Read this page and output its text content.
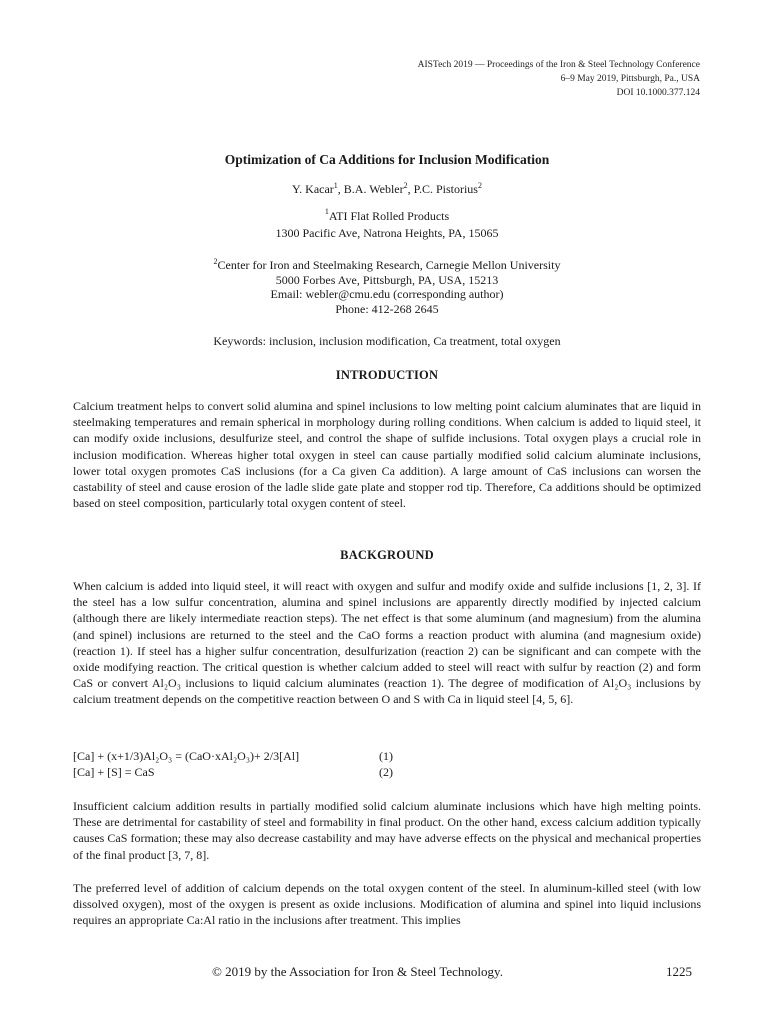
AISTech 2019 — Proceedings of the Iron & Steel Technology Conference
6–9 May 2019, Pittsburgh, Pa., USA
DOI 10.1000.377.124
Optimization of Ca Additions for Inclusion Modification
Y. Kacar$^1$, B.A. Webler$^2$, P.C. Pistorius$^2$
$^1$ATI Flat Rolled Products
1300 Pacific Ave, Natrona Heights, PA, 15065
$^2$Center for Iron and Steelmaking Research, Carnegie Mellon University
5000 Forbes Ave, Pittsburgh, PA, USA, 15213
Email: webler@cmu.edu (corresponding author)
Phone: 412-268 2645
Keywords: inclusion, inclusion modification, Ca treatment, total oxygen
INTRODUCTION

Calcium treatment helps to convert solid alumina and spinel inclusions to low melting point calcium aluminates that are liquid in steelmaking temperatures and remain spherical in morphology during rolling conditions. When calcium is added to liquid steel, it can modify oxide inclusions, desulfurize steel, and control the shape of sulfide inclusions. Total oxygen plays a crucial role in inclusion modification. Whereas higher total oxygen in steel can cause partially modified solid calcium aluminate inclusions, lower total oxygen promotes CaS inclusions (for a Ca given Ca addition). A large amount of CaS inclusions can worsen the castability of steel and cause erosion of the ladle slide gate plate and stopper rod tip. Therefore, Ca additions should be optimized based on steel composition, particularly total oxygen content of steel.

BACKGROUND

When calcium is added into liquid steel, it will react with oxygen and sulfur and modify oxide and sulfide inclusions [1, 2, 3]. If the steel has a low sulfur concentration, alumina and spinel inclusions are apparently directly modified by injected calcium (although there are likely intermediate reaction steps). The net effect is that some aluminum (and magnesium) from the alumina (and spinel) inclusions are returned to the steel and the CaO forms a reaction product with alumina (and magnesium oxide) (reaction 1). If steel has a higher sulfur concentration, desulfurization (reaction 2) can be significant and can compete with the oxide modifying reaction. The critical question is whether calcium added to steel will react with sulfur by reaction (2) and form CaS or convert Al₂O₃ inclusions to liquid calcium aluminates (reaction 1). The degree of modification of Al₂O₃ inclusions by calcium treatment depends on the competitive reaction between O and S with Ca in liquid steel [4, 5, 6].

[Ca] + (x+1/3)Al₂O₃ = (CaO·xAl₂O₃)+ 2/3[Al]	(1)
[Ca] + [S] = CaS	(2)

Insufficient calcium addition results in partially modified solid calcium aluminate inclusions which have high melting points. These are detrimental for castability of steel and formability in final product. On the other hand, excess calcium addition typically causes CaS formation; these may also decrease castability and may have adverse effects on the physical and mechanical properties of the final product [3, 7, 8].

The preferred level of addition of calcium depends on the total oxygen content of the steel. In aluminum-killed steel (with low dissolved oxygen), most of the oxygen is present as oxide inclusions. Modification of alumina and spinel into liquid inclusions requires an appropriate Ca:Al ratio in the inclusions after treatment. This implies

© 2019 by the Association for Iron & Steel Technology.	1225
